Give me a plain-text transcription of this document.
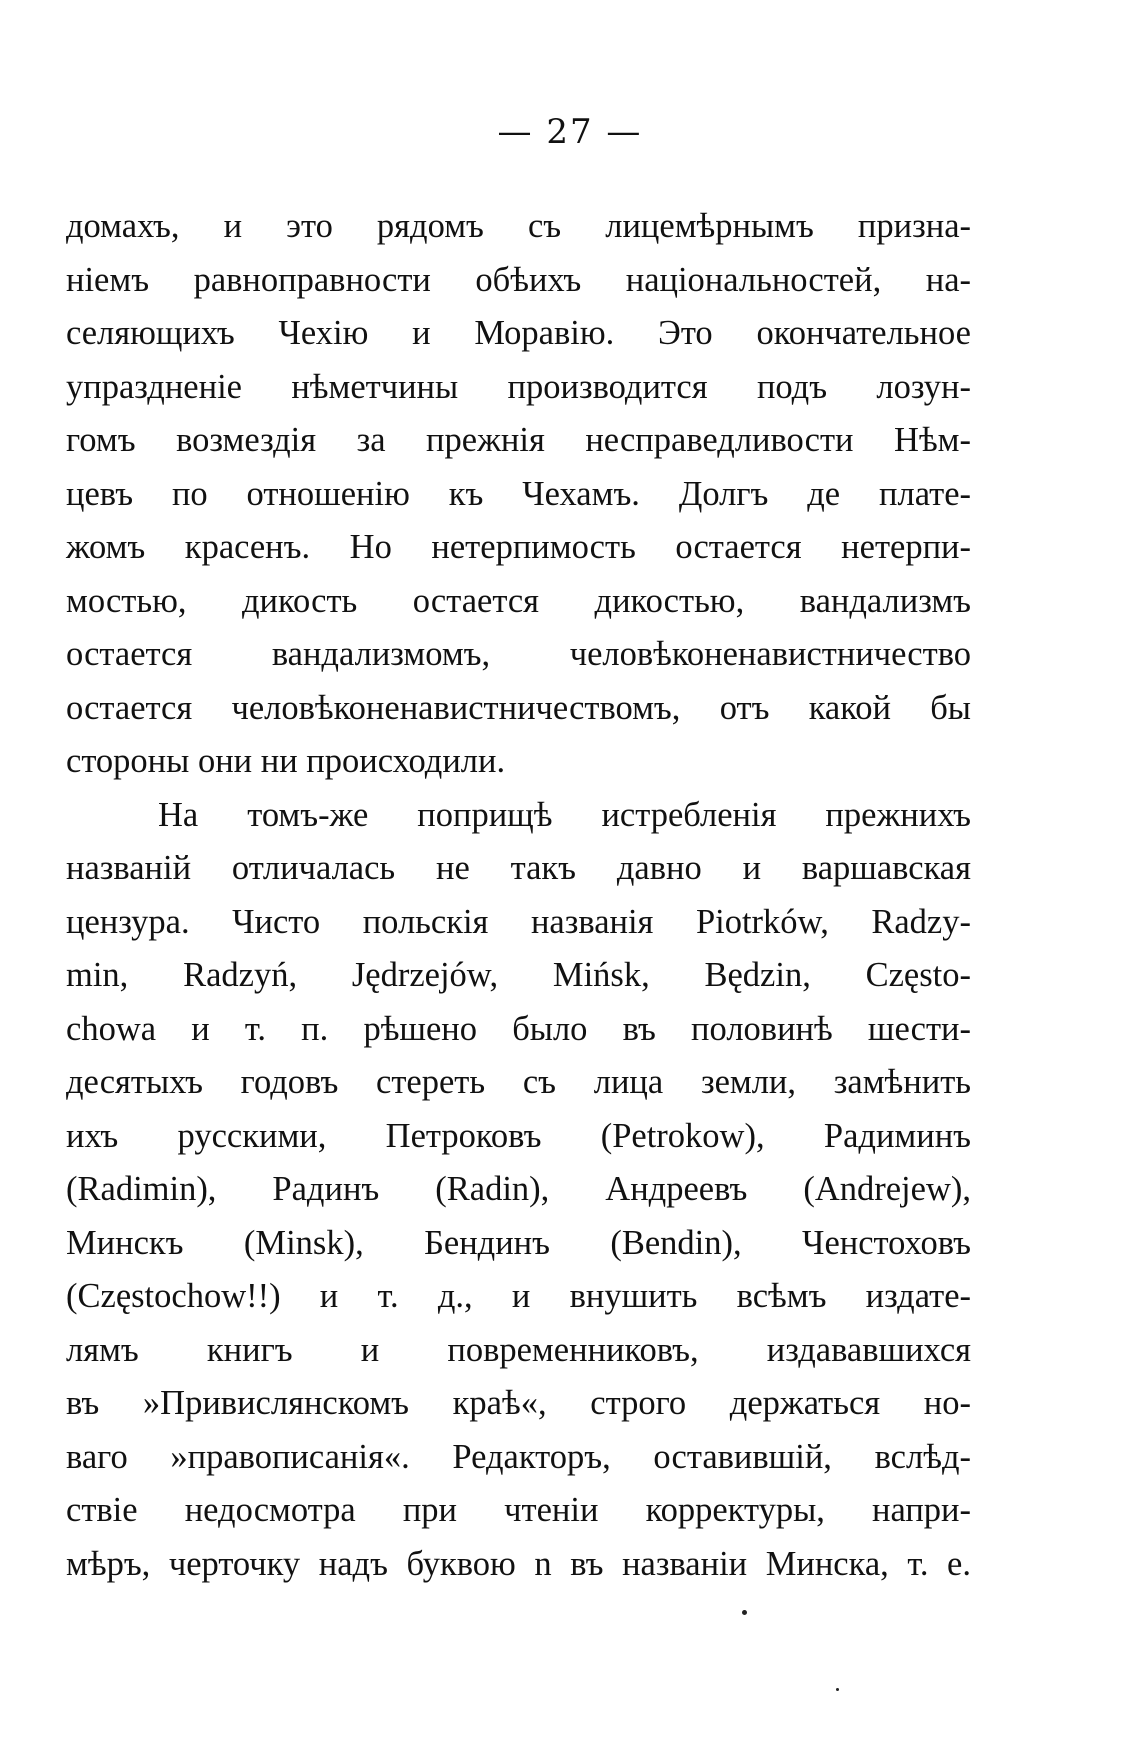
— 27 —
домахъ, и это рядомъ съ лицемѣрнымъ призна-
ніемъ равноправности обѣихъ національностей, на-
селяющихъ Чехію и Моравію. Это окончательное
упраздненіе нѣметчины производится подъ лозун-
гомъ возмездія за прежнія несправедливости Нѣм-
цевъ по отношенію къ Чехамъ. Долгъ де плате-
жомъ красенъ. Но нетерпимость остается нетерпи-
мостью, дикость остается дикостью, вандализмъ
остается вандализмомъ, человѣконенавистничество
остается человѣконенавистничествомъ, отъ какой бы
стороны они ни происходили.
На томъ-же поприщѣ истребленія прежнихъ
названій отличалась не такъ давно и варшавская
цензура. Чисто польскія названія Piotrków, Radzy-
min, Radzyń, Jędrzejów, Mińsk, Będzin, Często-
chowa и т. п. рѣшено было въ половинѣ шести-
десятыхъ годовъ стереть съ лица земли, замѣнить
ихъ русскими, Петроковъ (Petrokow), Радиминъ
(Radimin), Радинъ (Radin), Андреевъ (Andrejew),
Минскъ (Minsk), Бендинъ (Bendin), Ченстоховъ
(Częstochow!!) и т. д., и внушить всѣмъ издате-
лямъ книгъ и повременниковъ, издававшихся
въ »Привислянскомъ краѣ«, строго держаться но-
ваго »правописанія«. Редакторъ, оставившій, вслѣд-
ствіе недосмотра при чтеніи корректуры, напри-
мѣръ, черточку надъ буквою n въ названіи Минска, т. е.
